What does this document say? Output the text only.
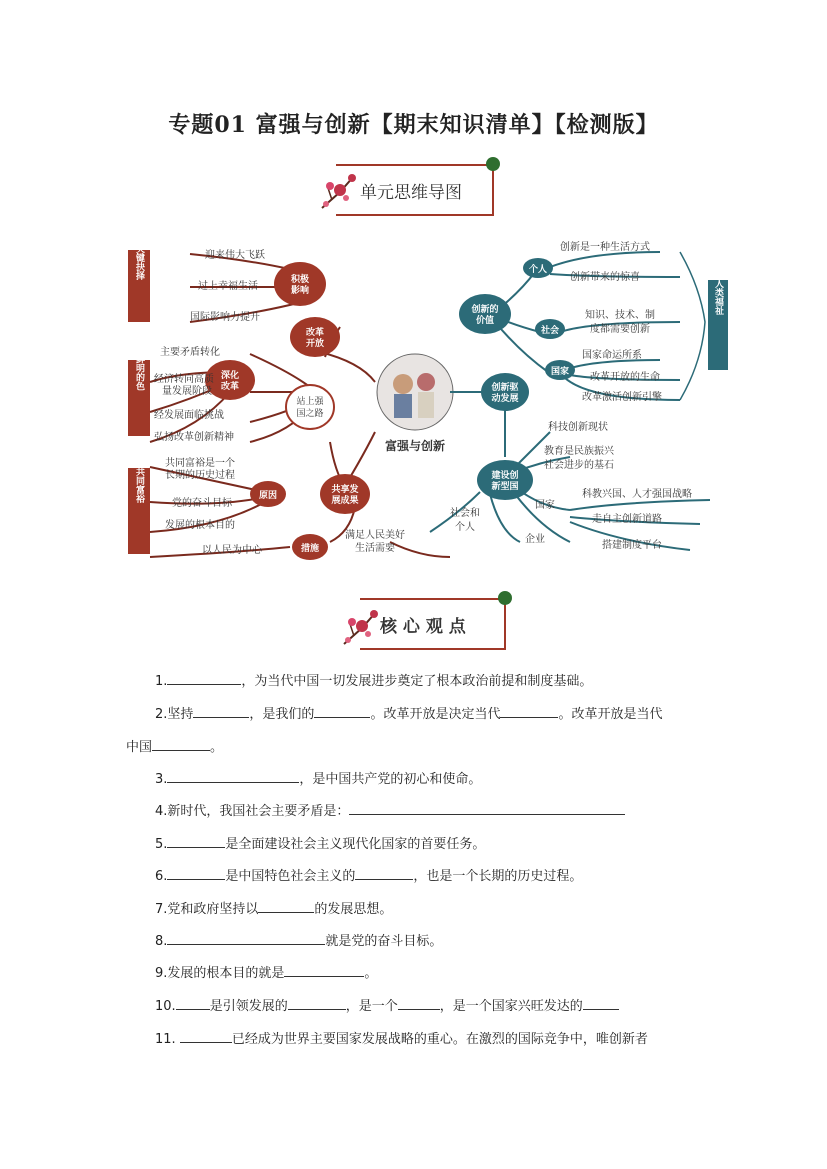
专题01 富强与创新【期末知识清单】【检测版】
单元思维导图
关键抉择
最鲜明的色
实现共同富裕
积极
影响
改革
开放
深化
改革
站上强
国之路
共享发
展成果
原因
措施
迎来伟大飞跃
过上幸福生活
国际影响力提升
主要矛盾转化
经济转向高质
量发展阶段
经发展面临挑战
弘扬改革创新精神
共同富裕是一个
长期的历史过程
党的奋斗目标
发展的根本目的
以人民为中心
满足人民美好
生活需要
富强与创新
创新的
价值
创新驱
动发展
建设创
新型国
个人
社会
国家
增进人类福祉
创新是一种生活方式
创新带来的惊喜
知识、技术、制
度都需要创新
国家命运所系
改革开放的生命
改革激活创新引擎
科技创新现状
教育是民族振兴
社会进步的基石
国家
科教兴国、人才强国战略
走自主创新道路
搭建制度平台
企业
社会和
个人
核 心 观 点
1.	，为当代中国一切发展进步奠定了根本政治前提和制度基础。
2.坚持	，是我们的	。改革开放是决定当代	。改革开放是当代
中国	。
3.	，是中国共产党的初心和使命。
4.新时代，我国社会主要矛盾是：
5.	是全面建设社会主义现代化国家的首要任务。
6.	是中国特色社会主义的	，也是一个长期的历史过程。
7.党和政府坚持以	的发展思想。
8.	就是党的奋斗目标。
9.发展的根本目的就是	。
10.	是引领发展的	，是一个	，是一个国家兴旺发达的
11.	已经成为世界主要国家发展战略的重心。在激烈的国际竞争中，唯创新者
